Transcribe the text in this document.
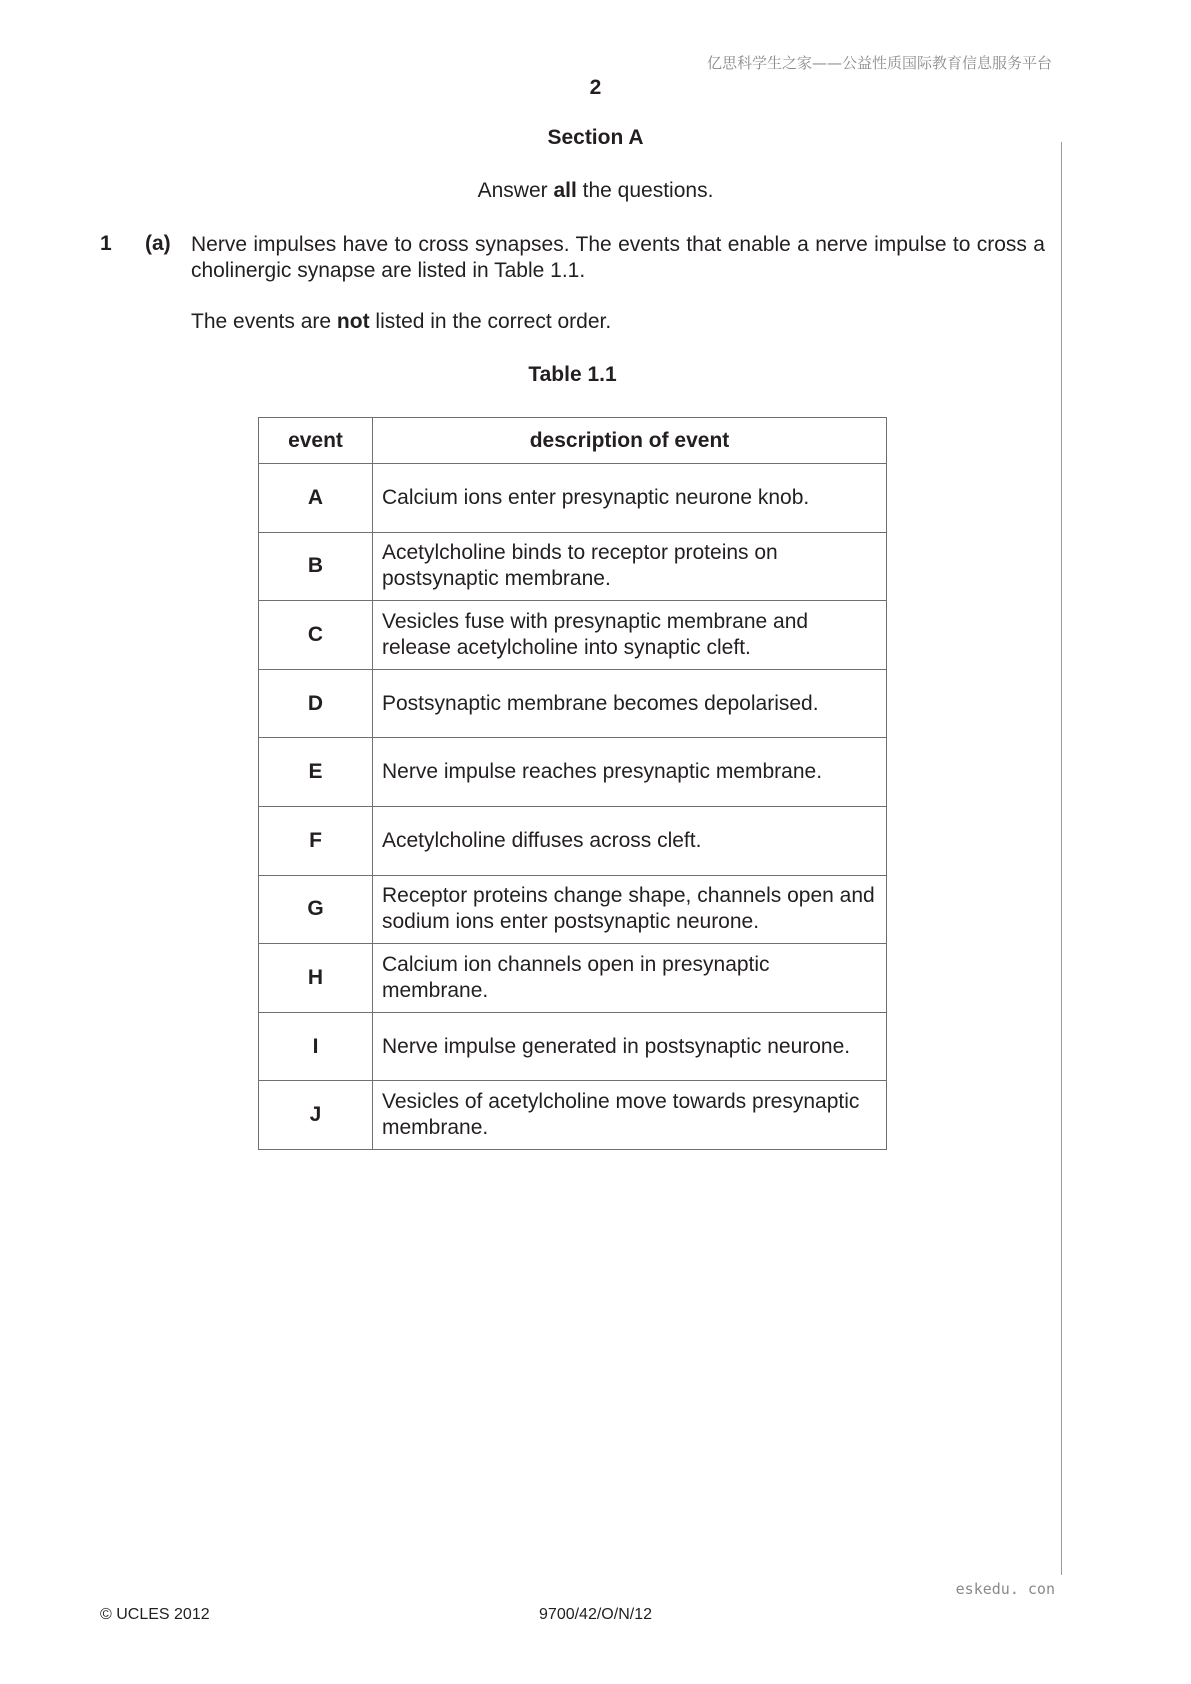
亿思科学生之家——公益性质国际教育信息服务平台
2
Section A
Answer all the questions.
1 (a) Nerve impulses have to cross synapses. The events that enable a nerve impulse to cross a cholinergic synapse are listed in Table 1.1.
The events are not listed in the correct order.
Table 1.1
event	description of event
A	Calcium ions enter presynaptic neurone knob.
B	Acetylcholine binds to receptor proteins on postsynaptic membrane.
C	Vesicles fuse with presynaptic membrane and release acetylcholine into synaptic cleft.
D	Postsynaptic membrane becomes depolarised.
E	Nerve impulse reaches presynaptic membrane.
F	Acetylcholine diffuses across cleft.
G	Receptor proteins change shape, channels open and sodium ions enter postsynaptic neurone.
H	Calcium ion channels open in presynaptic membrane.
I	Nerve impulse generated in postsynaptic neurone.
J	Vesicles of acetylcholine move towards presynaptic membrane.
eskedu. con
© UCLES 2012	9700/42/O/N/12
